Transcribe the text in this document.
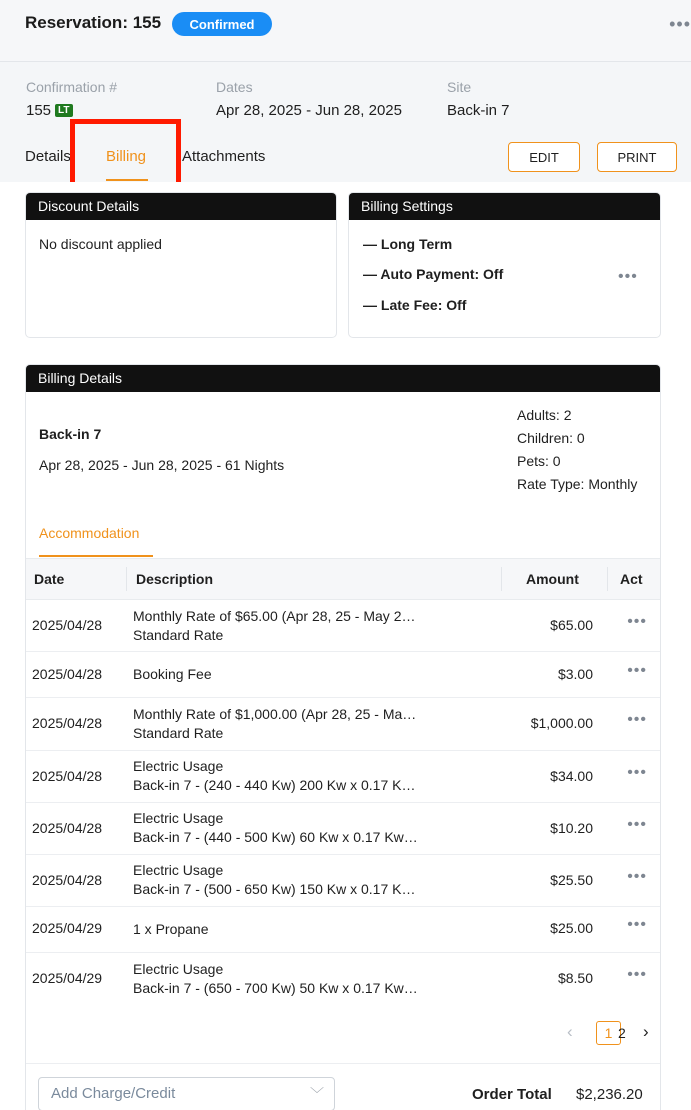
Reservation: 155	Confirmed	•••
Confirmation #
155 LT
Dates
Apr 28, 2025 - Jun 28, 2025
Site
Back-in 7
Details Billing Attachments	EDIT	PRINT
Discount Details
No discount applied
Billing Settings
— Long Term
— Auto Payment: Off
— Late Fee: Off
•••
Billing Details
Back-in 7
Apr 28, 2025 - Jun 28, 2025 - 61 Nights
Adults: 2
Children: 0
Pets: 0
Rate Type: Monthly
Accommodation
Date	Description	Amount	Act
2025/04/28
Monthly Rate of $65.00 (Apr 28, 25 - May 2…
Standard Rate
$65.00 •••
2025/04/28 Booking Fee	$3.00 •••
2025/04/28
Monthly Rate of $1,000.00 (Apr 28, 25 - Ma…
Standard Rate
$1,000.00 •••
2025/04/28
Electric Usage
Back-in 7 - (240 - 440 Kw) 200 Kw x 0.17 K…
$34.00 •••
2025/04/28
Electric Usage
Back-in 7 - (440 - 500 Kw) 60 Kw x 0.17 Kw…
$10.20 •••
2025/04/28
Electric Usage
Back-in 7 - (500 - 650 Kw) 150 Kw x 0.17 K…
$25.50 •••
2025/04/29 1 x Propane	$25.00 •••
2025/04/29
Electric Usage
Back-in 7 - (650 - 700 Kw) 50 Kw x 0.17 Kw…
$8.50 •••
‹	1 2 ›
Add Charge/Credit	﹀	Order Total $2,236.20
